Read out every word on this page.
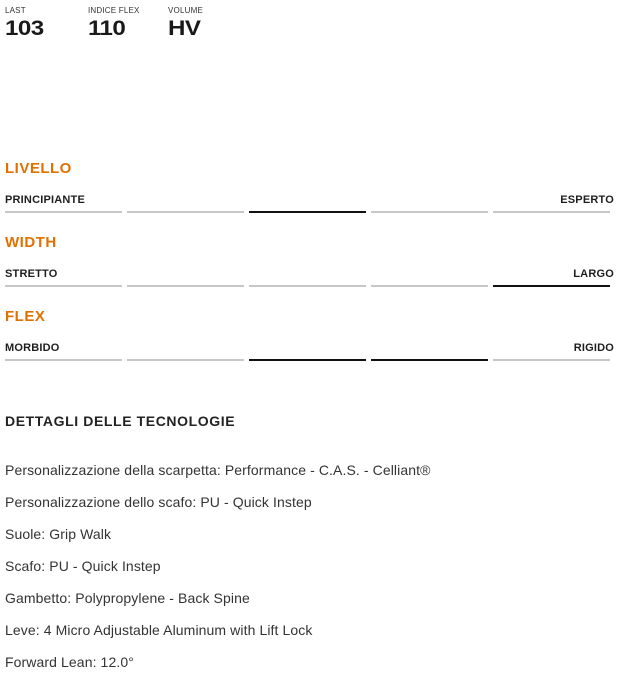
LAST
103
INDICE FLEX
110
VOLUME
HV
LIVELLO
PRINCIPIANTE	ESPERTO
WIDTH
STRETTO	LARGO
FLEX
MORBIDO	RIGIDO
DETTAGLI DELLE TECNOLOGIE
Personalizzazione della scarpetta: Performance - C.A.S. - Celliant®
Personalizzazione dello scafo: PU - Quick Instep
Suole: Grip Walk
Scafo: PU - Quick Instep
Gambetto: Polypropylene - Back Spine
Leve: 4 Micro Adjustable Aluminum with Lift Lock
Forward Lean: 12.0°
